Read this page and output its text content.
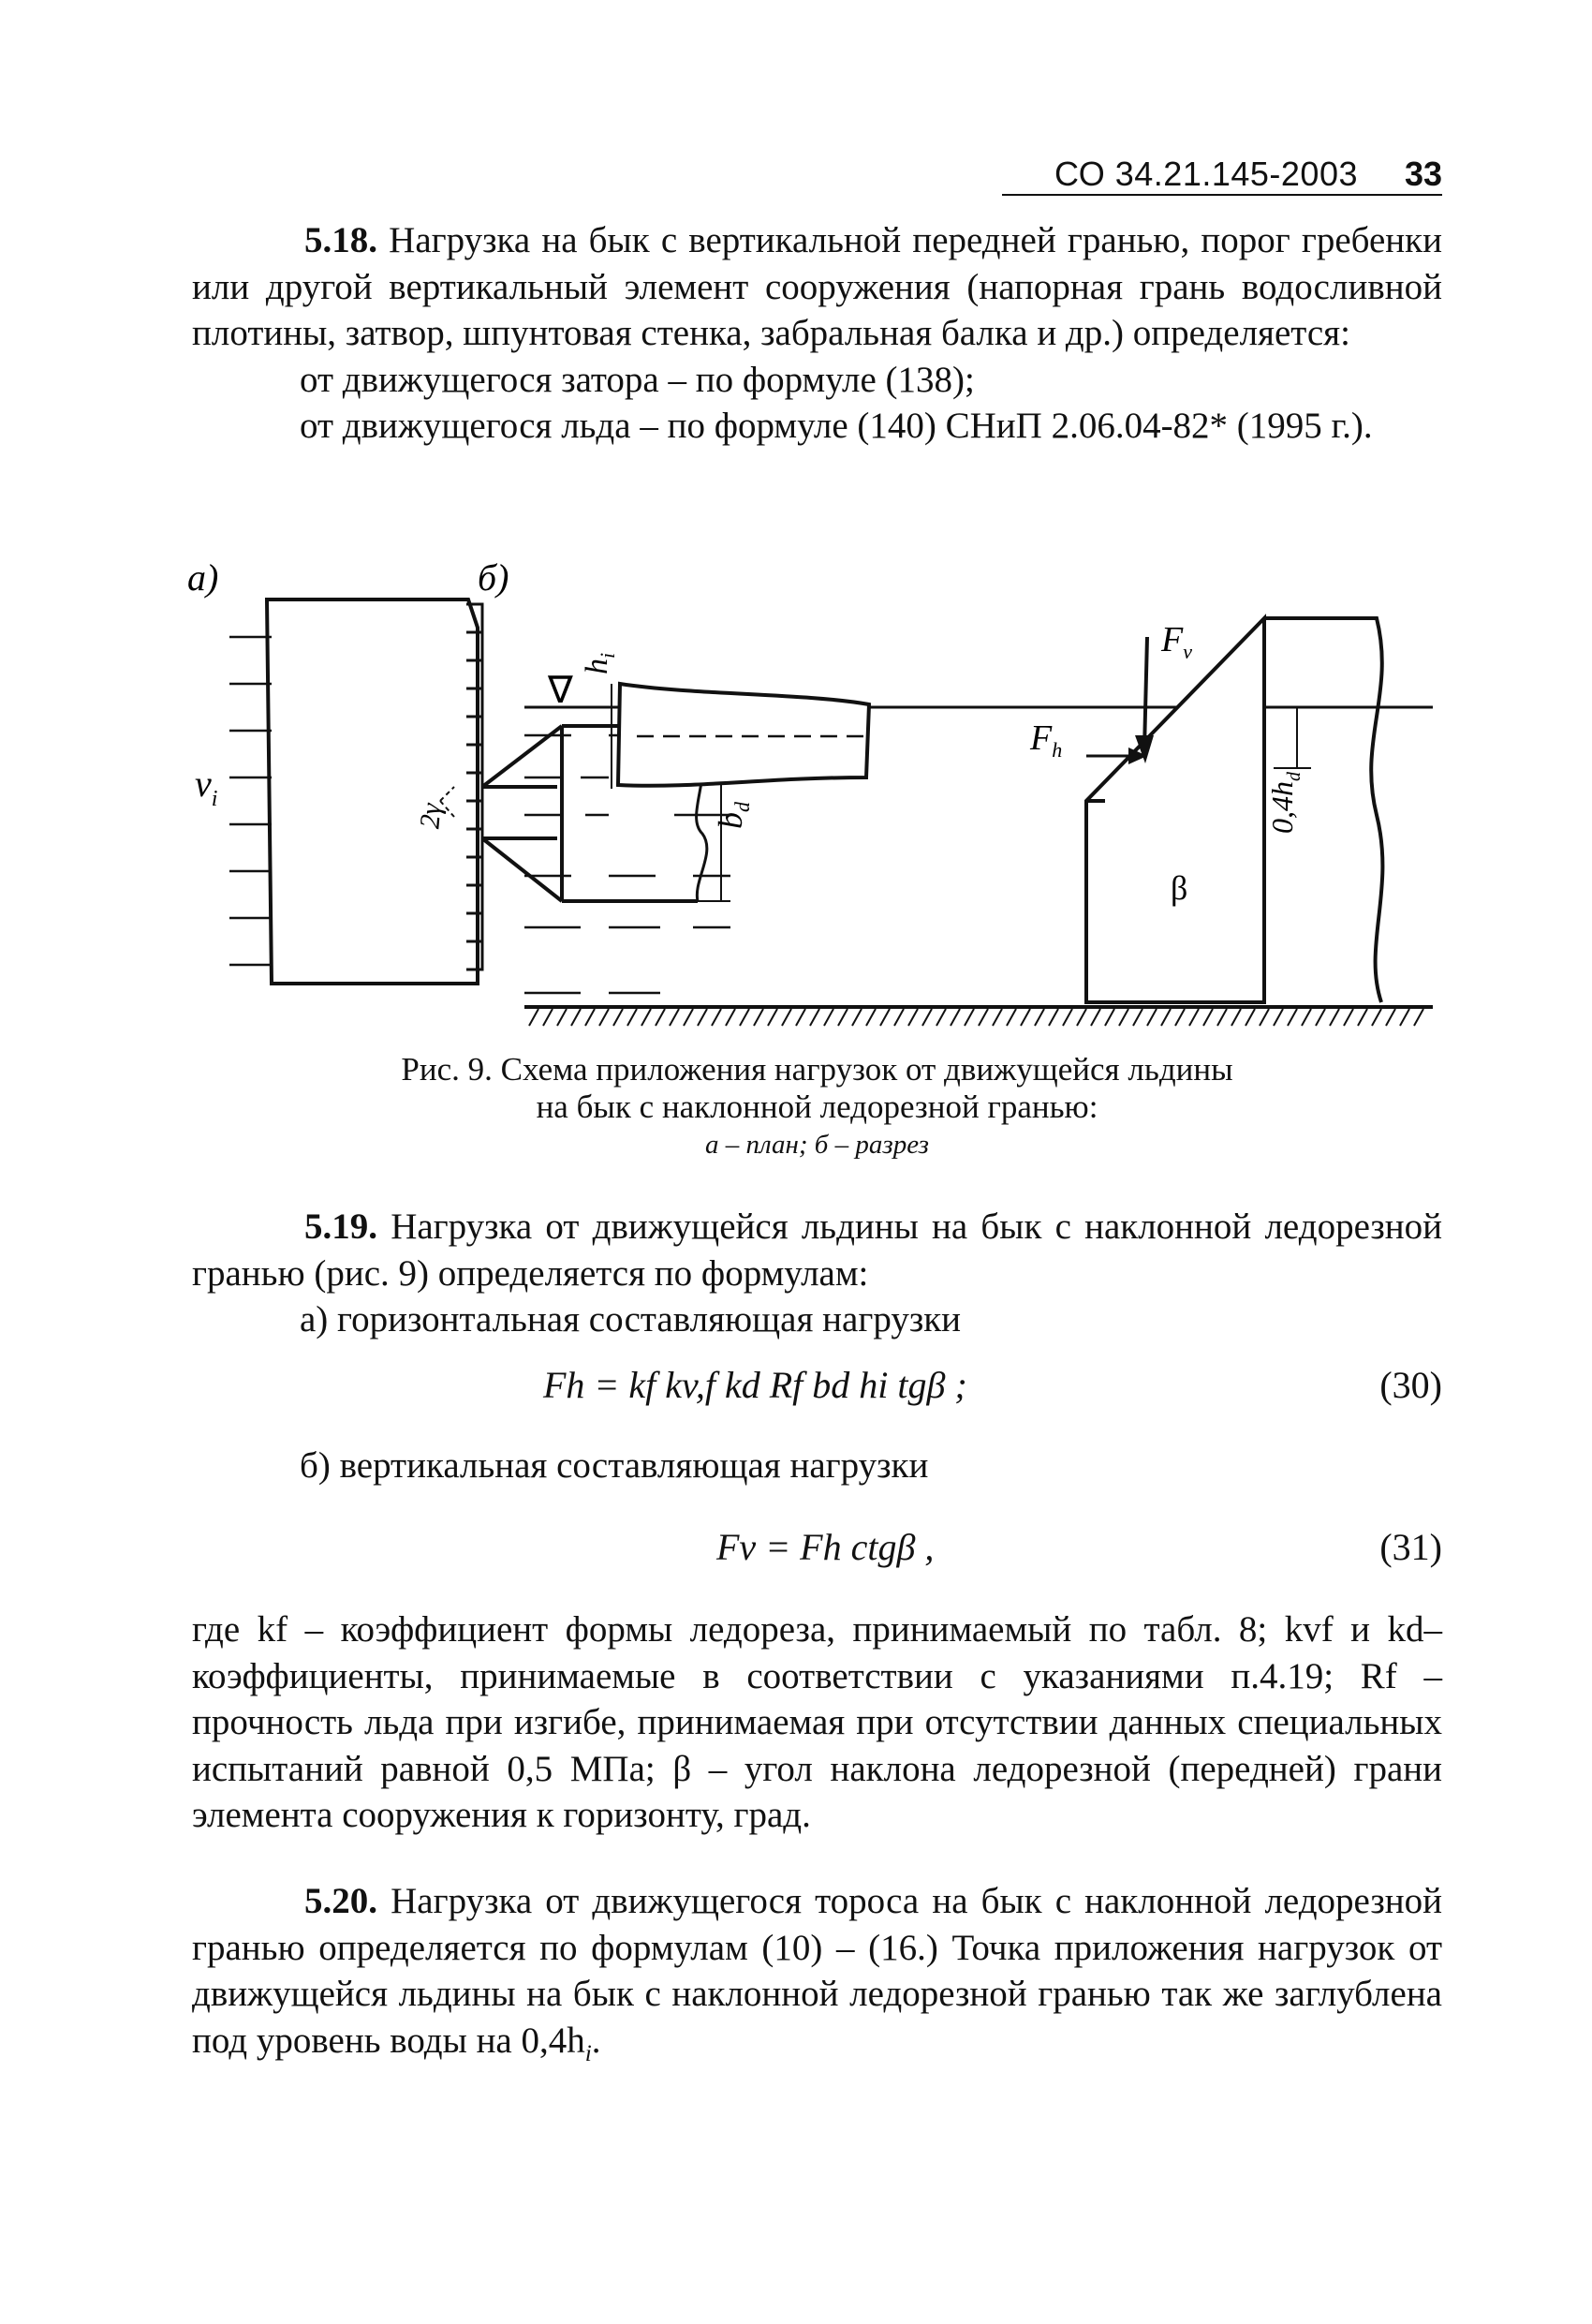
СО 34.21.145-2003 33

5.18. Нагрузка на бык с вертикальной передней гранью, порог гребенки или другой вертикальный элемент сооружения (напорная грань водосливной плотины, затвор, шпунтовая стенка, забральная балка и др.) определяется:

от движущегося затора – по формуле (138);

от движущегося льда – по формуле (140) СНиП 2.06.04-82* (1995 г.).

а)
$v_i$
$b_d$
2γ
б)
∇
$h_i$
β
$F_v$
$F_h$
$0,4h_d$
Рис. 9. Схема приложения нагрузок от движущейся льдины
на бык с наклонной ледорезной гранью:
а – план; б – разрез

5.19. Нагрузка от движущейся льдины на бык с наклонной ледорезной гранью (рис. 9) определяется по формулам:

а) горизонтальная составляющая нагрузки

Fh = kf kv,f kd Rf bd hi tgβ ;	(30)

б) вертикальная составляющая нагрузки

Fv = Fh ctgβ ,	(31)

где kf – коэффициент формы ледореза, принимаемый по табл. 8; kvf и kd– коэффициенты, принимаемые в соответствии с указаниями п.4.19; Rf – прочность льда при изгибе, принимаемая при отсутствии данных специальных испытаний равной 0,5 МПа; β – угол наклона ледорезной (передней) грани элемента сооружения к горизонту, град.

5.20. Нагрузка от движущегося тороса на бык с наклонной ледорезной гранью определяется по формулам (10) – (16.) Точка приложения нагрузок от движущейся льдины на бык с наклонной ледорезной гранью так же заглублена под уровень воды на $0,4h_i$.
